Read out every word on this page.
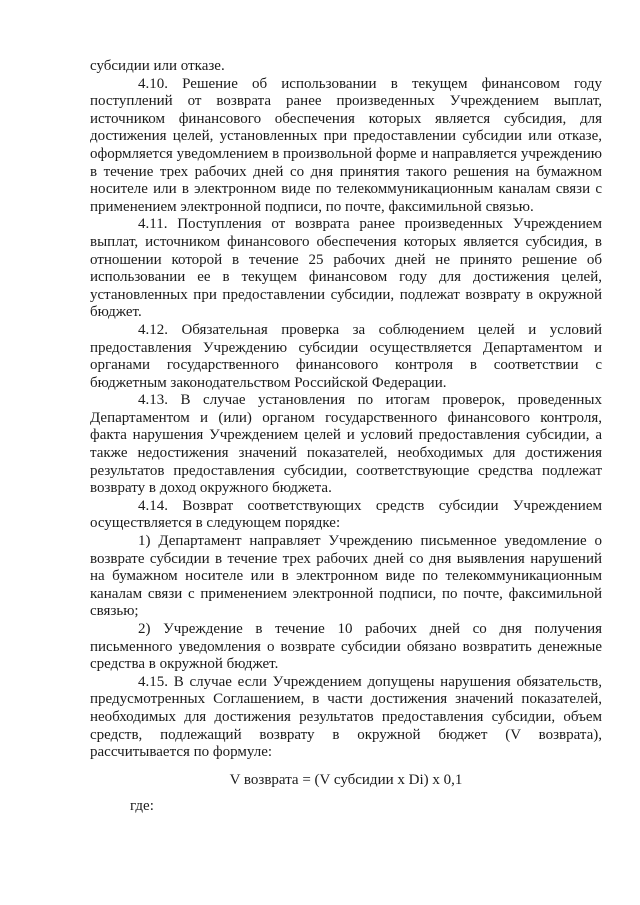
субсидии или отказе.

4.10. Решение об использовании в текущем финансовом году поступлений от возврата ранее произведенных Учреждением выплат, источником финансового обеспечения которых является субсидия, для достижения целей, установленных при предоставлении субсидии или отказе, оформляется уведомлением в произвольной форме и направляется учреждению в течение трех рабочих дней со дня принятия такого решения на бумажном носителе или в электронном виде по телекоммуникационным каналам связи с применением электронной подписи, по почте, факсимильной связью.

4.11. Поступления от возврата ранее произведенных Учреждением выплат, источником финансового обеспечения которых является субсидия, в отношении которой в течение 25 рабочих дней не принято решение об использовании ее в текущем финансовом году для достижения целей, установленных при предоставлении субсидии, подлежат возврату в окружной бюджет.

4.12. Обязательная проверка за соблюдением целей и условий предоставления Учреждению субсидии осуществляется Департаментом и органами государственного финансового контроля в соответствии с бюджетным законодательством Российской Федерации.

4.13. В случае установления по итогам проверок, проведенных Департаментом и (или) органом государственного финансового контроля, факта нарушения Учреждением целей и условий предоставления субсидии, а также недостижения значений показателей, необходимых для достижения результатов предоставления субсидии, соответствующие средства подлежат возврату в доход окружного бюджета.

4.14. Возврат соответствующих средств субсидии Учреждением осуществляется в следующем порядке:

1) Департамент направляет Учреждению письменное уведомление о возврате субсидии в течение трех рабочих дней со дня выявления нарушений на бумажном носителе или в электронном виде по телекоммуникационным каналам связи с применением электронной подписи, по почте, факсимильной связью;

2) Учреждение в течение 10 рабочих дней со дня получения письменного уведомления о возврате субсидии обязано возвратить денежные средства в окружной бюджет.

4.15. В случае если Учреждением допущены нарушения обязательств, предусмотренных Соглашением, в части достижения значений показателей, необходимых для достижения результатов предоставления субсидии, объем средств, подлежащий возврату в окружной бюджет (V возврата), рассчитывается по формуле:

V возврата = (V субсидии x Di) x 0,1

где:
